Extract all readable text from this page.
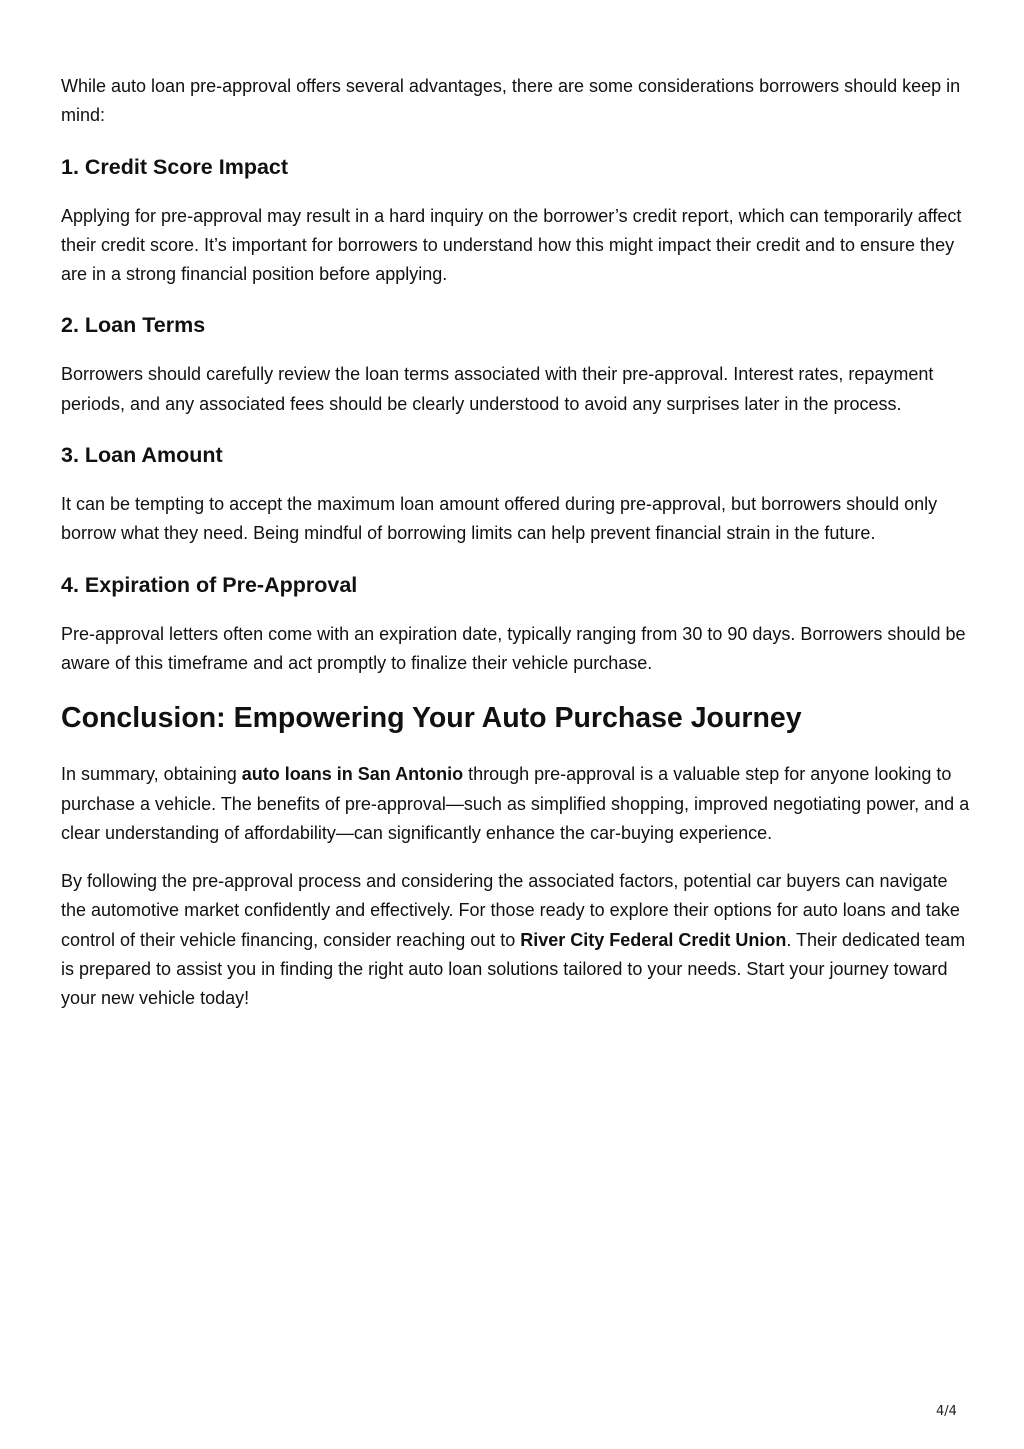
While auto loan pre-approval offers several advantages, there are some considerations borrowers should keep in mind:

1. Credit Score Impact

Applying for pre-approval may result in a hard inquiry on the borrower’s credit report, which can temporarily affect their credit score. It’s important for borrowers to understand how this might impact their credit and to ensure they are in a strong financial position before applying.

2. Loan Terms

Borrowers should carefully review the loan terms associated with their pre-approval. Interest rates, repayment periods, and any associated fees should be clearly understood to avoid any surprises later in the process.

3. Loan Amount

It can be tempting to accept the maximum loan amount offered during pre-approval, but borrowers should only borrow what they need. Being mindful of borrowing limits can help prevent financial strain in the future.

4. Expiration of Pre-Approval

Pre-approval letters often come with an expiration date, typically ranging from 30 to 90 days. Borrowers should be aware of this timeframe and act promptly to finalize their vehicle purchase.

Conclusion: Empowering Your Auto Purchase Journey

In summary, obtaining auto loans in San Antonio through pre-approval is a valuable step for anyone looking to purchase a vehicle. The benefits of pre-approval—such as simplified shopping, improved negotiating power, and a clear understanding of affordability—can significantly enhance the car-buying experience.

By following the pre-approval process and considering the associated factors, potential car buyers can navigate the automotive market confidently and effectively. For those ready to explore their options for auto loans and take control of their vehicle financing, consider reaching out to River City Federal Credit Union. Their dedicated team is prepared to assist you in finding the right auto loan solutions tailored to your needs. Start your journey toward your new vehicle today!

4/4
